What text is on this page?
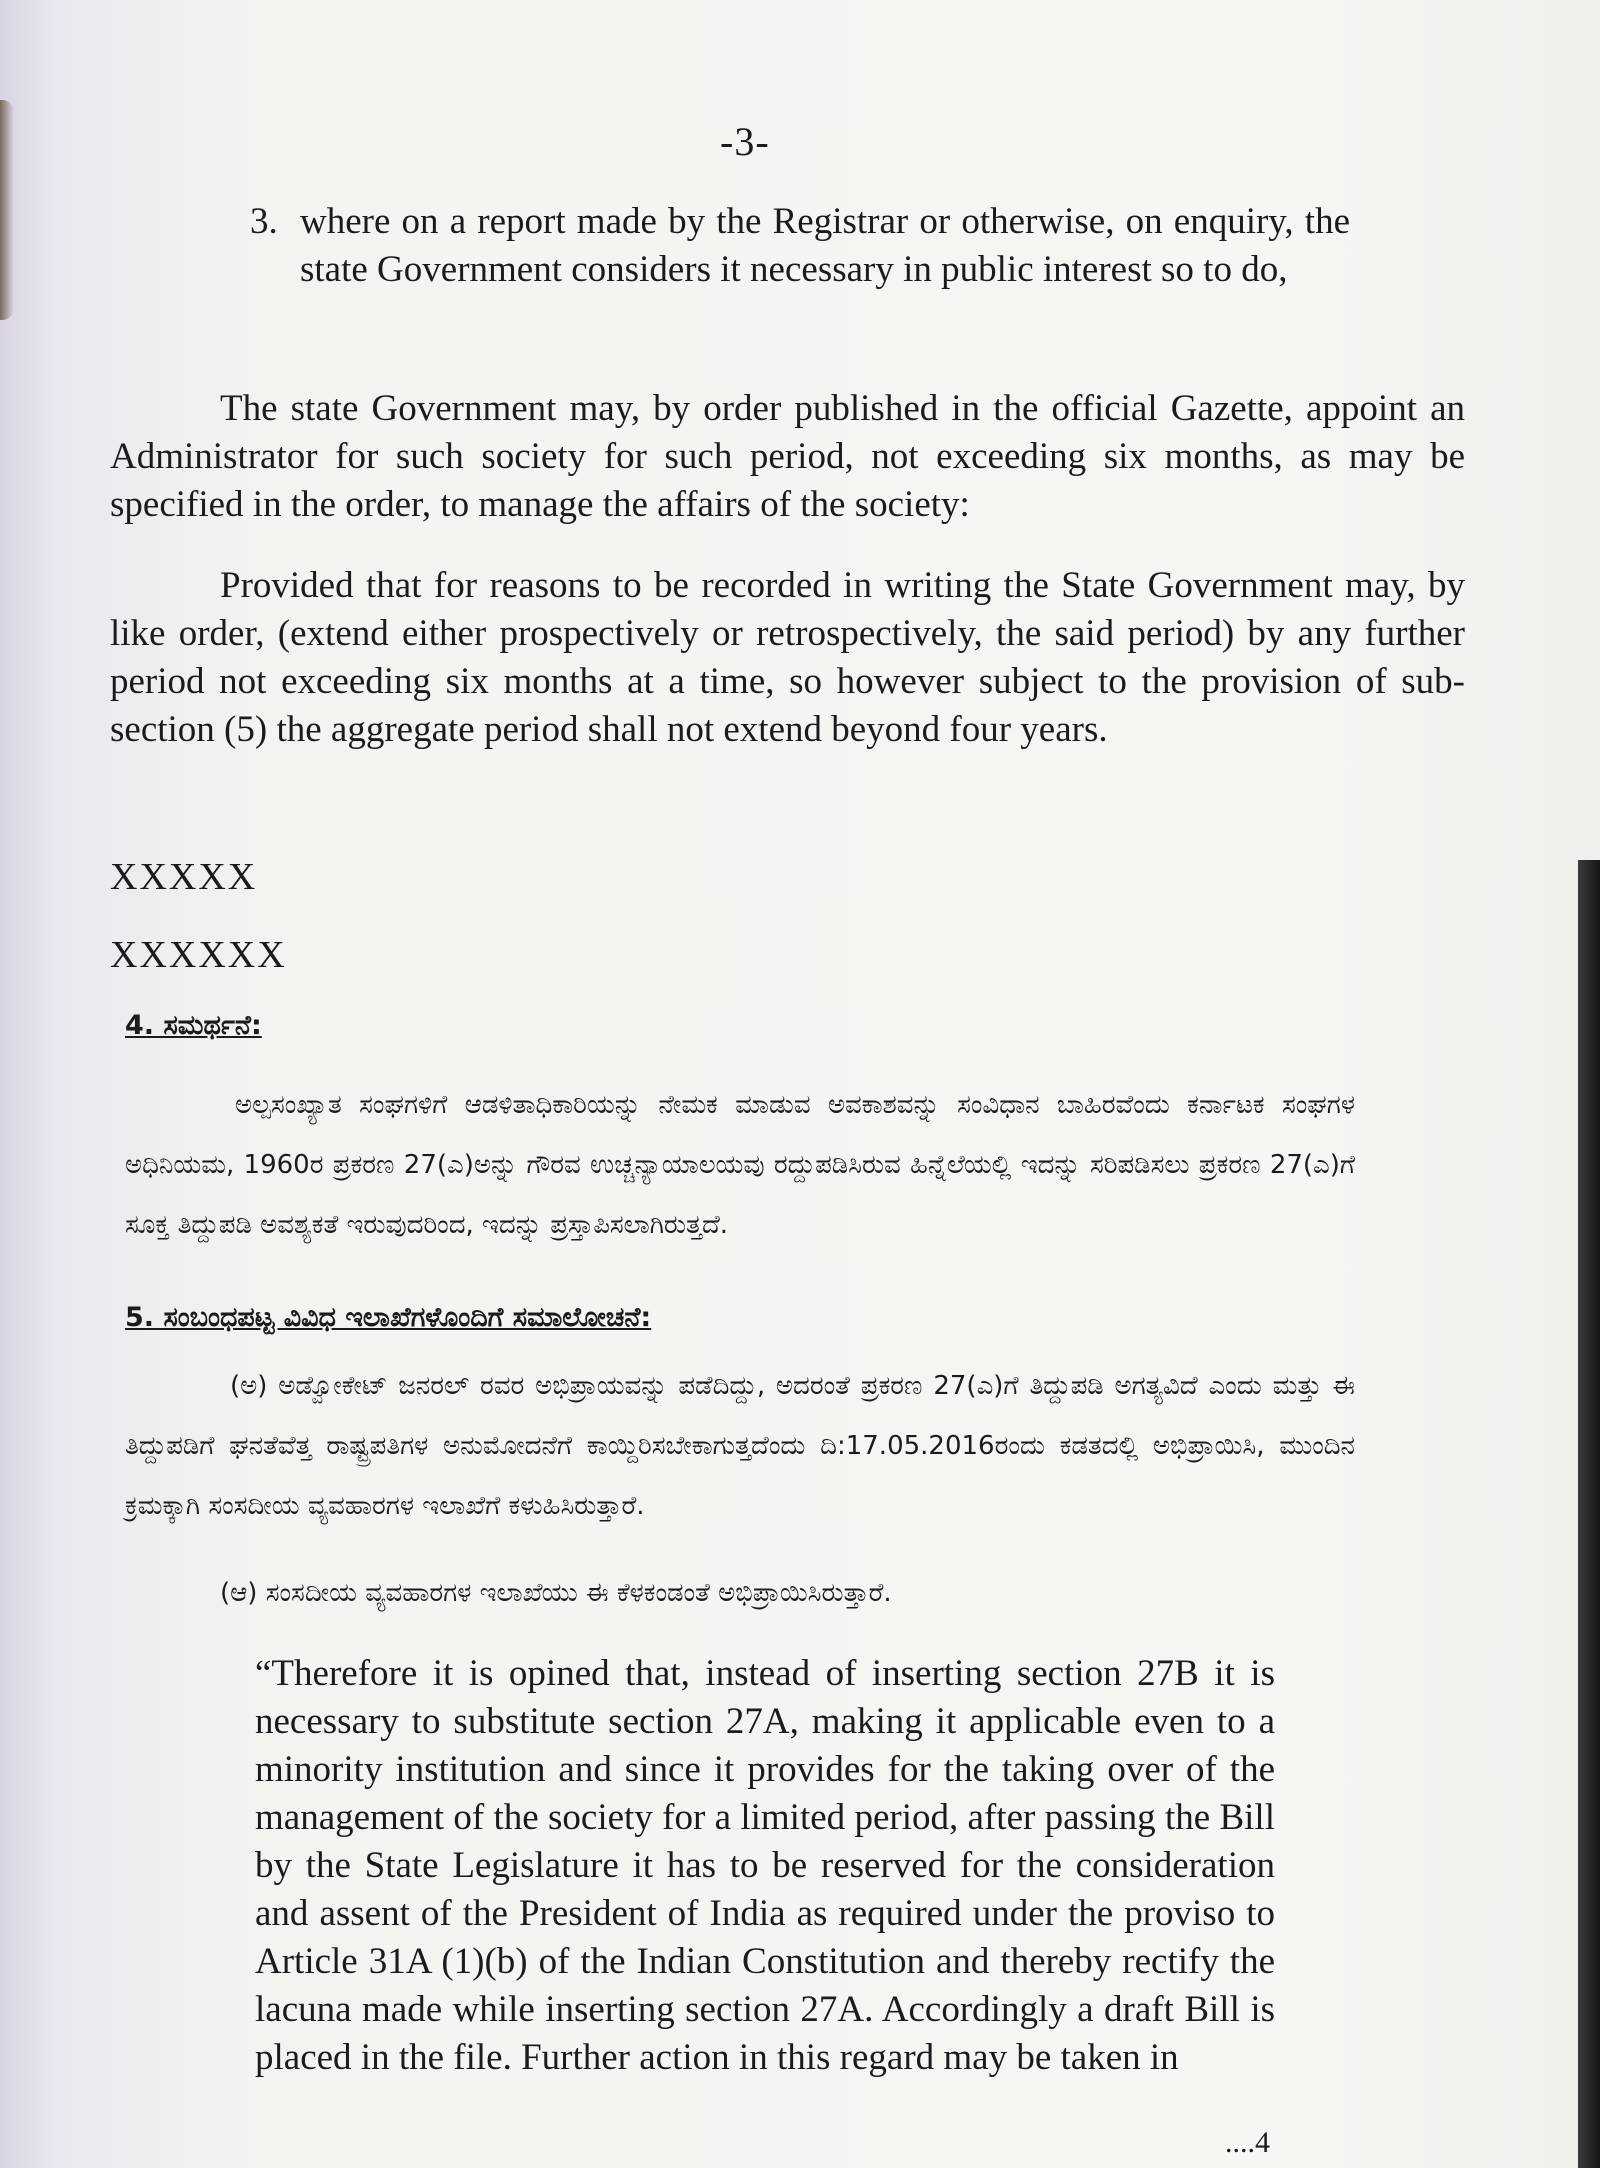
-3-
3. where on a report made by the Registrar or otherwise, on enquiry, the state Government considers it necessary in public interest so to do,

The state Government may, by order published in the official Gazette, appoint an Administrator for such society for such period, not exceeding six months, as may be specified in the order, to manage the affairs of the society:

Provided that for reasons to be recorded in writing the State Government may, by like order, (extend either prospectively or retrospectively, the said period) by any further period not exceeding six months at a time, so however subject to the provision of sub-section (5) the aggregate period shall not extend beyond four years.

XXXXX
XXXXXX
4. ಸಮರ್ಥನೆ:
ಅಲ್ಪಸಂಖ್ಯಾತ ಸಂಘಗಳಿಗೆ ಆಡಳಿತಾಧಿಕಾರಿಯನ್ನು ನೇಮಕ ಮಾಡುವ ಅವಕಾಶವನ್ನು ಸಂವಿಧಾನ ಬಾಹಿರವೆಂದು ಕರ್ನಾಟಕ ಸಂಘಗಳ ಅಧಿನಿಯಮ, 1960ರ ಪ್ರಕರಣ 27(ಎ)ಅನ್ನು ಗೌರವ ಉಚ್ಚನ್ಯಾಯಾಲಯವು ರದ್ದುಪಡಿಸಿರುವ ಹಿನ್ನೆಲೆಯಲ್ಲಿ ಇದನ್ನು ಸರಿಪಡಿಸಲು ಪ್ರಕರಣ 27(ಎ)ಗೆ ಸೂಕ್ತ ತಿದ್ದುಪಡಿ ಅವಶ್ಯಕತೆ ಇರುವುದರಿಂದ, ಇದನ್ನು ಪ್ರಸ್ತಾಪಿಸಲಾಗಿರುತ್ತದೆ.
5. ಸಂಬಂಧಪಟ್ಟ ವಿವಿಧ ಇಲಾಖೆಗಳೊಂದಿಗೆ ಸಮಾಲೋಚನೆ:
(ಅ) ಅಡ್ವೋಕೇಟ್ ಜನರಲ್ ರವರ ಅಭಿಪ್ರಾಯವನ್ನು ಪಡೆದಿದ್ದು, ಅದರಂತೆ ಪ್ರಕರಣ 27(ಎ)ಗೆ ತಿದ್ದುಪಡಿ ಅಗತ್ಯವಿದೆ ಎಂದು ಮತ್ತು ಈ ತಿದ್ದುಪಡಿಗೆ ಘನತೆವೆತ್ತ ರಾಷ್ಟ್ರಪತಿಗಳ ಅನುಮೋದನೆಗೆ ಕಾಯ್ದಿರಿಸಬೇಕಾಗುತ್ತದೆಂದು ದಿ:17.05.2016ರಂದು ಕಡತದಲ್ಲಿ ಅಭಿಪ್ರಾಯಿಸಿ, ಮುಂದಿನ ಕ್ರಮಕ್ಕಾಗಿ ಸಂಸದೀಯ ವ್ಯವಹಾರಗಳ ಇಲಾಖೆಗೆ ಕಳುಹಿಸಿರುತ್ತಾರೆ.
(ಆ) ಸಂಸದೀಯ ವ್ಯವಹಾರಗಳ ಇಲಾಖೆಯು ಈ ಕೆಳಕಂಡಂತೆ ಅಭಿಪ್ರಾಯಿಸಿರುತ್ತಾರೆ.

“Therefore it is opined that, instead of inserting section 27B it is necessary to substitute section 27A, making it applicable even to a minority institution and since it provides for the taking over of the management of the society for a limited period, after passing the Bill by the State Legislature it has to be reserved for the consideration and assent of the President of India as required under the proviso to Article 31A (1)(b) of the Indian Constitution and thereby rectify the lacuna made while inserting section 27A. Accordingly a draft Bill is placed in the file. Further action in this regard may be taken in

....4
